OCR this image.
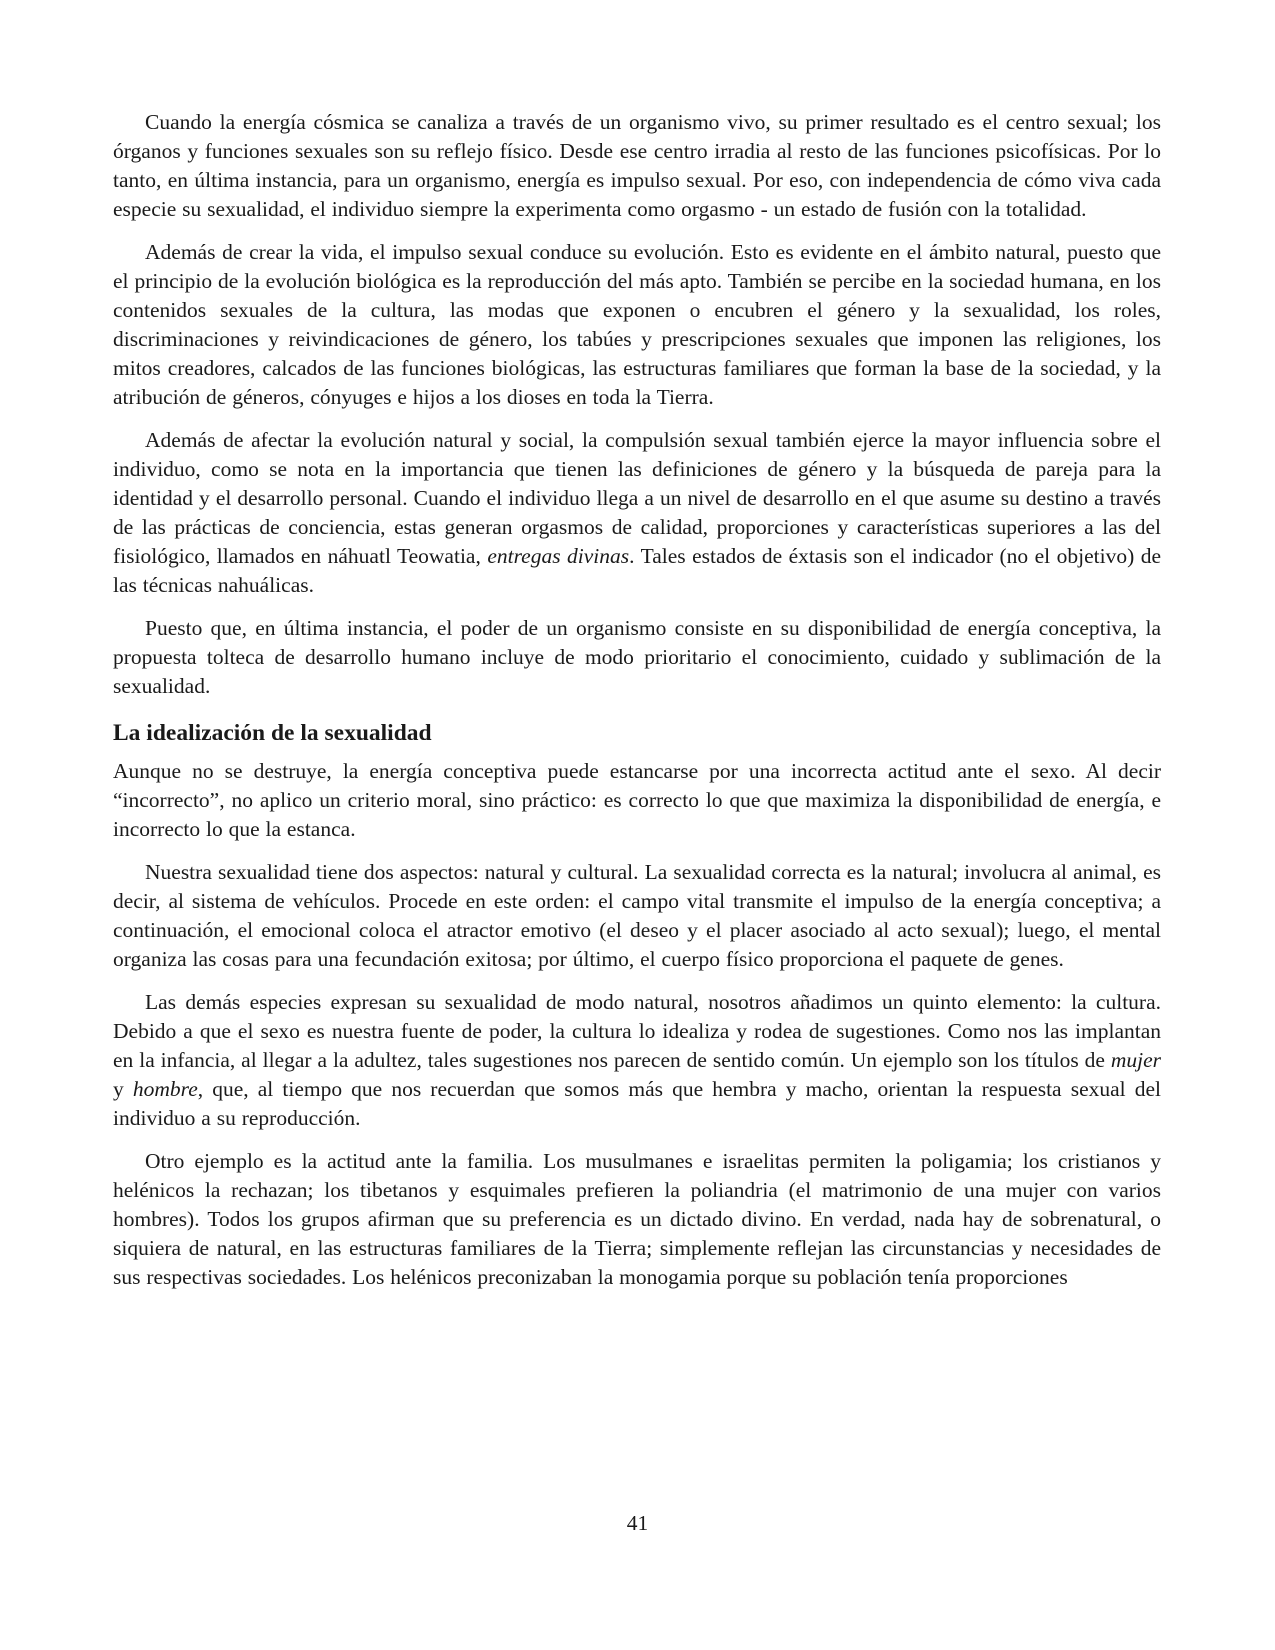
Cuando la energía cósmica se canaliza a través de un organismo vivo, su primer resultado es el centro sexual; los órganos y funciones sexuales son su reflejo físico. Desde ese centro irradia al resto de las funciones psicofísicas. Por lo tanto, en última instancia, para un organismo, energía es impulso sexual. Por eso, con independencia de cómo viva cada especie su sexualidad, el individuo siempre la experimenta como orgasmo - un estado de fusión con la totalidad.

Además de crear la vida, el impulso sexual conduce su evolución. Esto es evidente en el ámbito natural, puesto que el principio de la evolución biológica es la reproducción del más apto. También se percibe en la sociedad humana, en los contenidos sexuales de la cultura, las modas que exponen o encubren el género y la sexualidad, los roles, discriminaciones y reivindicaciones de género, los tabúes y prescripciones sexuales que imponen las religiones, los mitos creadores, calcados de las funciones biológicas, las estructuras familiares que forman la base de la sociedad, y la atribución de géneros, cónyuges e hijos a los dioses en toda la Tierra.

Además de afectar la evolución natural y social, la compulsión sexual también ejerce la mayor influencia sobre el individuo, como se nota en la importancia que tienen las definiciones de género y la búsqueda de pareja para la identidad y el desarrollo personal. Cuando el individuo llega a un nivel de desarrollo en el que asume su destino a través de las prácticas de conciencia, estas generan orgasmos de calidad, proporciones y características superiores a las del fisiológico, llamados en náhuatl Teowatia, entregas divinas. Tales estados de éxtasis son el indicador (no el objetivo) de las técnicas nahuálicas.

Puesto que, en última instancia, el poder de un organismo consiste en su disponibilidad de energía conceptiva, la propuesta tolteca de desarrollo humano incluye de modo prioritario el conocimiento, cuidado y sublimación de la sexualidad.

La idealización de la sexualidad

Aunque no se destruye, la energía conceptiva puede estancarse por una incorrecta actitud ante el sexo. Al decir “incorrecto”, no aplico un criterio moral, sino práctico: es correcto lo que que maximiza la disponibilidad de energía, e incorrecto lo que la estanca.

Nuestra sexualidad tiene dos aspectos: natural y cultural. La sexualidad correcta es la natural; involucra al animal, es decir, al sistema de vehículos. Procede en este orden: el campo vital transmite el impulso de la energía conceptiva; a continuación, el emocional coloca el atractor emotivo (el deseo y el placer asociado al acto sexual); luego, el mental organiza las cosas para una fecundación exitosa; por último, el cuerpo físico proporciona el paquete de genes.

Las demás especies expresan su sexualidad de modo natural, nosotros añadimos un quinto elemento: la cultura. Debido a que el sexo es nuestra fuente de poder, la cultura lo idealiza y rodea de sugestiones. Como nos las implantan en la infancia, al llegar a la adultez, tales sugestiones nos parecen de sentido común. Un ejemplo son los títulos de mujer y hombre, que, al tiempo que nos recuerdan que somos más que hembra y macho, orientan la respuesta sexual del individuo a su reproducción.

Otro ejemplo es la actitud ante la familia. Los musulmanes e israelitas permiten la poligamia; los cristianos y helénicos la rechazan; los tibetanos y esquimales prefieren la poliandria (el matrimonio de una mujer con varios hombres). Todos los grupos afirman que su preferencia es un dictado divino. En verdad, nada hay de sobrenatural, o siquiera de natural, en las estructuras familiares de la Tierra; simplemente reflejan las circunstancias y necesidades de sus respectivas sociedades. Los helénicos preconizaban la monogamia porque su población tenía proporciones

41
